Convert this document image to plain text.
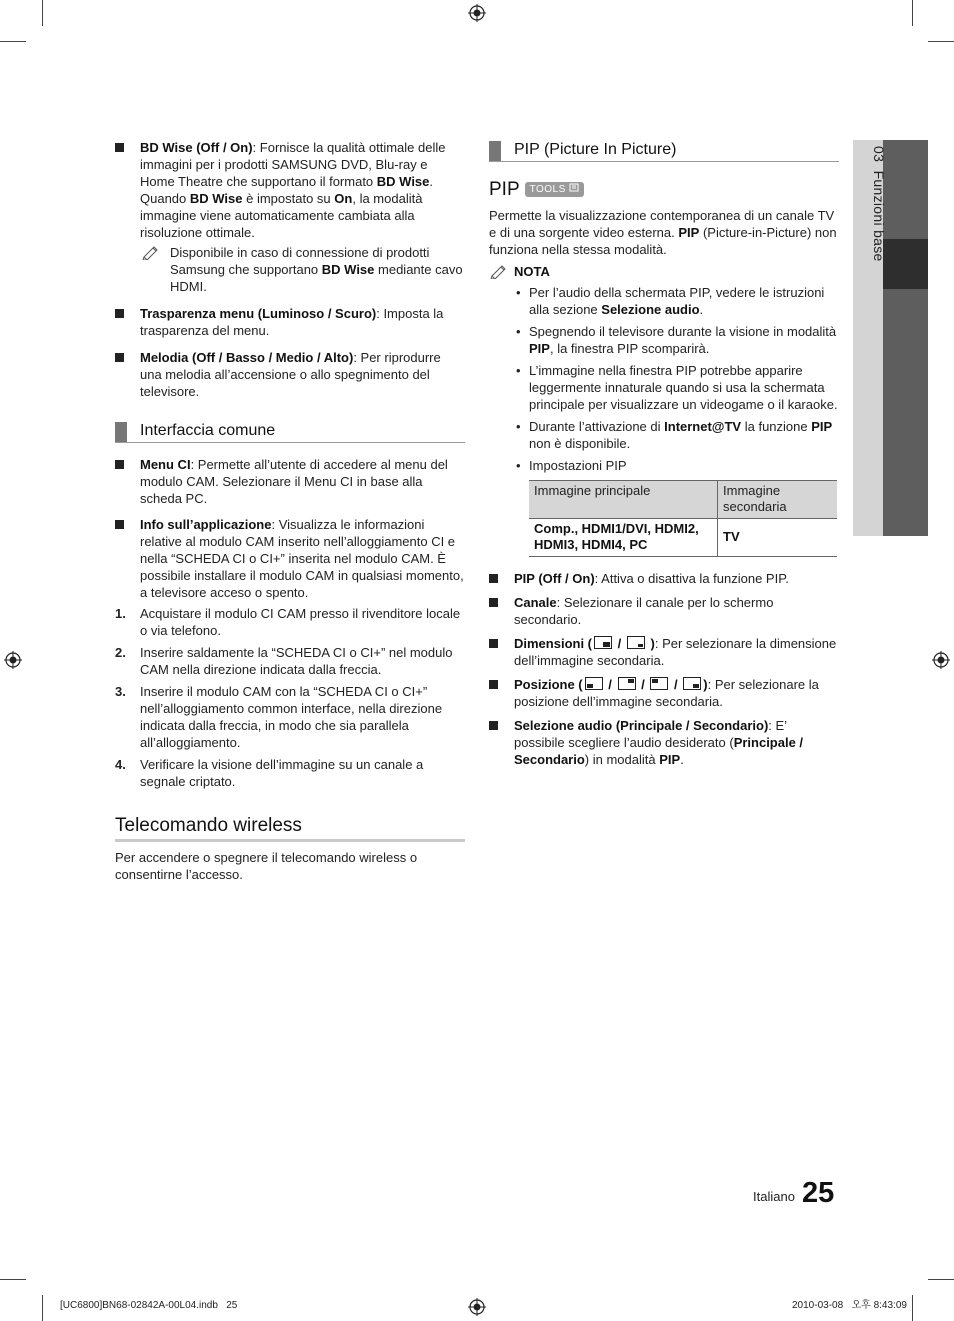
03  Funzioni base
BD Wise (Off / On): Fornisce la qualità ottimale delle immagini per i prodotti SAMSUNG DVD, Blu-ray e Home Theatre che supportano il formato BD Wise. Quando BD Wise è impostato su On, la modalità immagine viene automaticamente cambiata alla risoluzione ottimale.
Disponibile in caso di connessione di prodotti Samsung che supportano BD Wise mediante cavo HDMI.
Trasparenza menu (Luminoso / Scuro): Imposta la trasparenza del menu.
Melodia (Off / Basso / Medio / Alto): Per riprodurre una melodia all’accensione o allo spegnimento del televisore.
Interfaccia comune
Menu CI: Permette all’utente di accedere al menu del modulo CAM. Selezionare il Menu CI in base alla scheda PC.
Info sull’applicazione: Visualizza le informazioni relative al modulo CAM inserito nell’alloggiamento CI e nella “SCHEDA CI o CI+” inserita nel modulo CAM. È possibile installare il modulo CAM in qualsiasi momento, a televisore acceso o spento.
1. Acquistare il modulo CI CAM presso il rivenditore locale o via telefono.
2. Inserire saldamente la “SCHEDA CI o CI+” nel modulo CAM nella direzione indicata dalla freccia.
3. Inserire il modulo CAM con la “SCHEDA CI o CI+” nell’alloggiamento common interface, nella direzione indicata dalla freccia, in modo che sia parallela all’alloggiamento.
4. Verificare la visione dell’immagine su un canale a segnale criptato.
Telecomando wireless
Per accendere o spegnere il telecomando wireless o consentirne l’accesso.
PIP (Picture In Picture)
PIP TOOLS
Permette la visualizzazione contemporanea di un canale TV e di una sorgente video esterna. PIP (Picture-in-Picture) non funziona nella stessa modalità.
NOTA
• Per l’audio della schermata PIP, vedere le istruzioni alla sezione Selezione audio.
• Spegnendo il televisore durante la visione in modalità PIP, la finestra PIP scomparirà.
• L’immagine nella finestra PIP potrebbe apparire leggermente innaturale quando si usa la schermata principale per visualizzare un videogame o il karaoke.
• Durante l’attivazione di Internet@TV la funzione PIP non è disponibile.
• Impostazioni PIP
Immagine principale	Immagine secondaria
Comp., HDMI1/DVI, HDMI2, HDMI3, HDMI4, PC	TV
PIP (Off / On): Attiva o disattiva la funzione PIP.
Canale: Selezionare il canale per lo schermo secondario.
Dimensioni ( / ): Per selezionare la dimensione dell’immagine secondaria.
Posizione ( / / / ): Per selezionare la posizione dell’immagine secondaria.
Selezione audio (Principale / Secondario): E’ possibile scegliere l’audio desiderato (Principale / Secondario) in modalità PIP.
Italiano 25
[UC6800]BN68-02842A-00L04.indb   25	2010-03-08   오후 8:43:09
